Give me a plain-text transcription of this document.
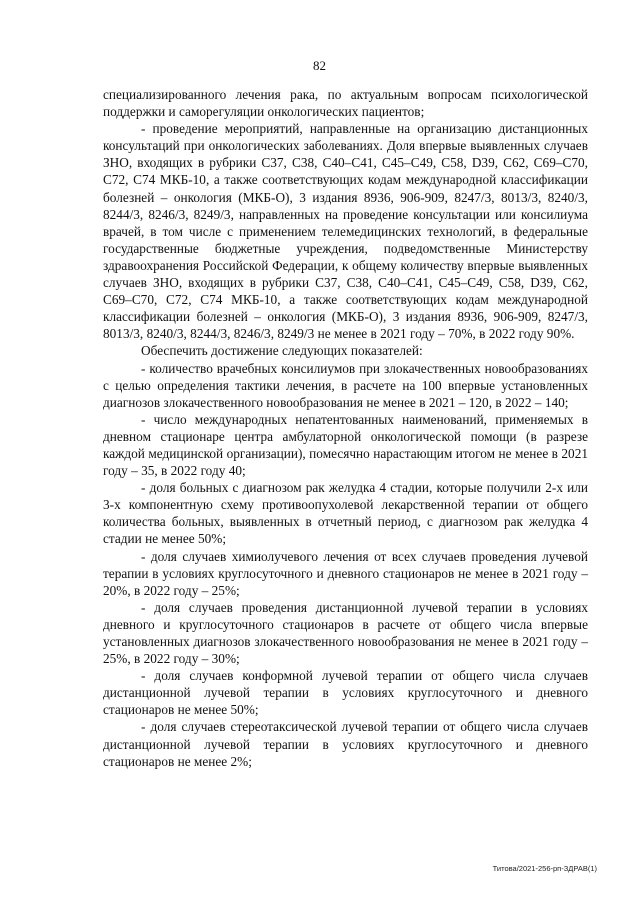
82

специализированного лечения рака, по актуальным вопросам психологической поддержки и саморегуляции онкологических пациентов;

- проведение мероприятий, направленные на организацию дистанционных консультаций при онкологических заболеваниях. Доля впервые выявленных случаев ЗНО, входящих в рубрики С37, С38, С40–С41, С45–С49, С58, D39, С62, С69–С70, С72, С74 МКБ-10, а также соответствующих кодам международной классификации болезней – онкология (МКБ-О), 3 издания 8936, 906-909, 8247/3, 8013/3, 8240/3, 8244/3, 8246/3, 8249/3, направленных на проведение консультации или консилиума врачей, в том числе с применением телемедицинских технологий, в федеральные государственные бюджетные учреждения, подведомственные Министерству здравоохранения Российской Федерации, к общему количеству впервые выявленных случаев ЗНО, входящих в рубрики С37, С38, С40–С41, С45–С49, С58, D39, С62, С69–С70, С72, С74 МКБ-10, а также соответствующих кодам международной классификации болезней – онкология (МКБ-О), 3 издания 8936, 906-909, 8247/3, 8013/3, 8240/3, 8244/3, 8246/3, 8249/3 не менее в 2021 году – 70%, в 2022 году 90%.

Обеспечить достижение следующих показателей:

- количество врачебных консилиумов при злокачественных новообразованиях с целью определения тактики лечения, в расчете на 100 впервые установленных диагнозов злокачественного новообразования не менее в 2021 – 120, в 2022 – 140;

- число международных непатентованных наименований, применяемых в дневном стационаре центра амбулаторной онкологической помощи (в разрезе каждой медицинской организации), помесячно нарастающим итогом не менее в 2021 году – 35, в 2022 году 40;

- доля больных с диагнозом рак желудка 4 стадии, которые получили 2-х или 3-х компонентную схему противоопухолевой лекарственной терапии от общего количества больных, выявленных в отчетный период, с диагнозом рак желудка 4 стадии не менее 50%;

- доля случаев химиолучевого лечения от всех случаев проведения лучевой терапии в условиях круглосуточного и дневного стационаров не менее в 2021 году – 20%, в 2022 году – 25%;

- доля случаев проведения дистанционной лучевой терапии в условиях дневного и круглосуточного стационаров в расчете от общего числа впервые установленных диагнозов злокачественного новообразования не менее в 2021 году – 25%, в 2022 году – 30%;

- доля случаев конформной лучевой терапии от общего числа случаев дистанционной лучевой терапии в условиях круглосуточного и дневного стационаров не менее 50%;

- доля случаев стереотаксической лучевой терапии от общего числа случаев дистанционной лучевой терапии в условиях круглосуточного и дневного стационаров не менее 2%;

Титова/2021-256-рп-ЗДРАВ(1)
